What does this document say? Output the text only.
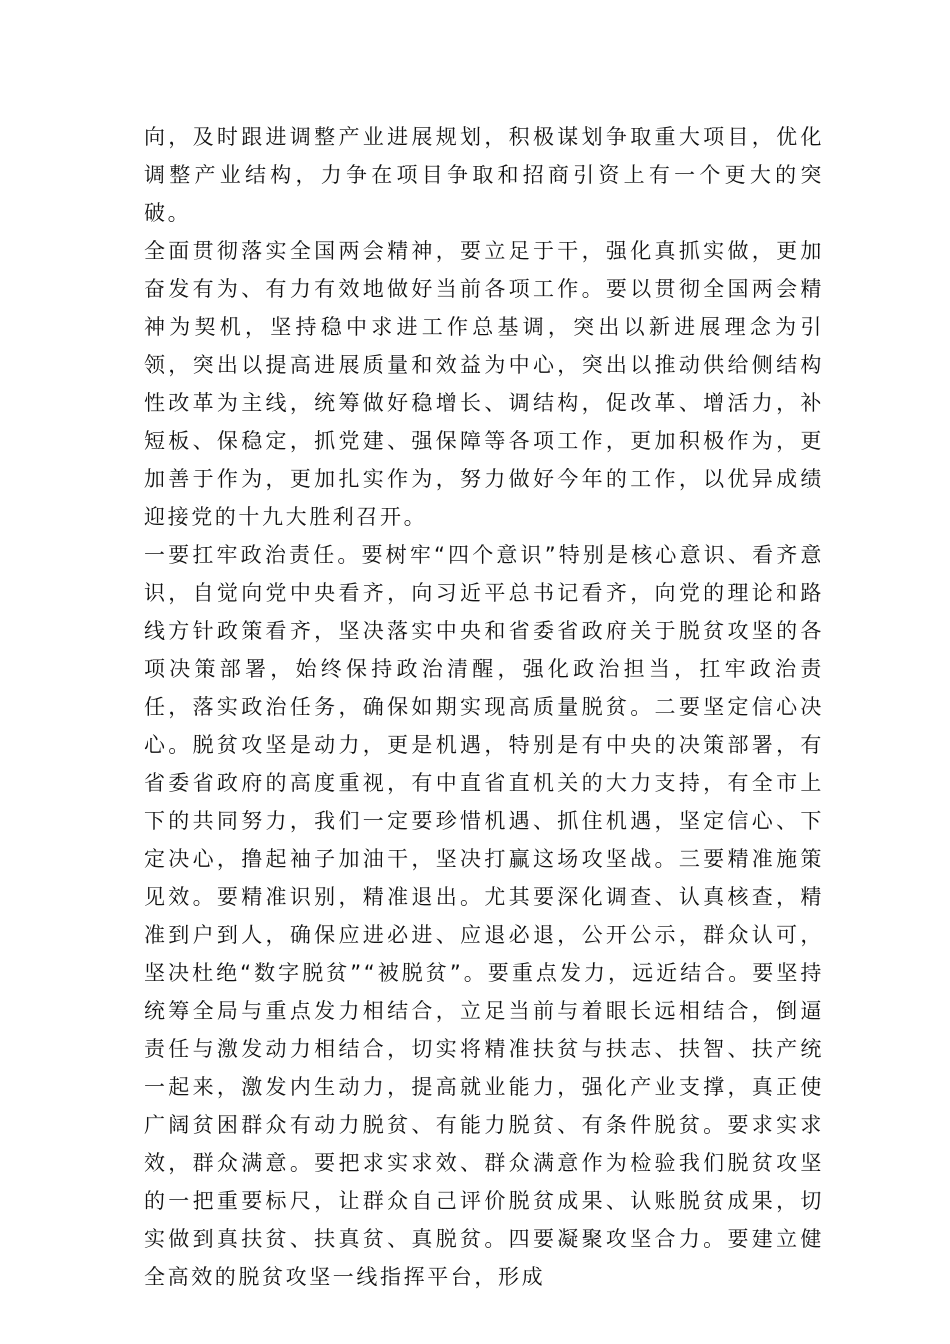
向，及时跟进调整产业进展规划，积极谋划争取重大项目，优化调整产业结构，力争在项目争取和招商引资上有一个更大的突破。

全面贯彻落实全国两会精神，要立足于干，强化真抓实做，更加奋发有为、有力有效地做好当前各项工作。要以贯彻全国两会精神为契机，坚持稳中求进工作总基调，突出以新进展理念为引领，突出以提高进展质量和效益为中心，突出以推动供给侧结构性改革为主线，统筹做好稳增长、调结构，促改革、增活力，补短板、保稳定，抓党建、强保障等各项工作，更加积极作为，更加善于作为，更加扎实作为，努力做好今年的工作，以优异成绩迎接党的十九大胜利召开。

一要扛牢政治责任。要树牢“四个意识”特别是核心意识、看齐意识，自觉向党中央看齐，向习近平总书记看齐，向党的理论和路线方针政策看齐，坚决落实中央和省委省政府关于脱贫攻坚的各项决策部署，始终保持政治清醒，强化政治担当，扛牢政治责任，落实政治任务，确保如期实现高质量脱贫。二要坚定信心决心。脱贫攻坚是动力，更是机遇，特别是有中央的决策部署，有省委省政府的高度重视，有中直省直机关的大力支持，有全市上下的共同努力，我们一定要珍惜机遇、抓住机遇，坚定信心、下定决心，撸起袖子加油干，坚决打赢这场攻坚战。三要精准施策见效。要精准识别，精准退出。尤其要深化调查、认真核查，精准到户到人，确保应进必进、应退必退，公开公示，群众认可，坚决杜绝“数字脱贫”“被脱贫”。要重点发力，远近结合。要坚持统筹全局与重点发力相结合，立足当前与着眼长远相结合，倒逼责任与激发动力相结合，切实将精准扶贫与扶志、扶智、扶产统一起来，激发内生动力，提高就业能力，强化产业支撑，真正使广阔贫困群众有动力脱贫、有能力脱贫、有条件脱贫。要求实求效，群众满意。要把求实求效、群众满意作为检验我们脱贫攻坚的一把重要标尺，让群众自己评价脱贫成果、认账脱贫成果，切实做到真扶贫、扶真贫、真脱贫。四要凝聚攻坚合力。要建立健全高效的脱贫攻坚一线指挥平台，形成
